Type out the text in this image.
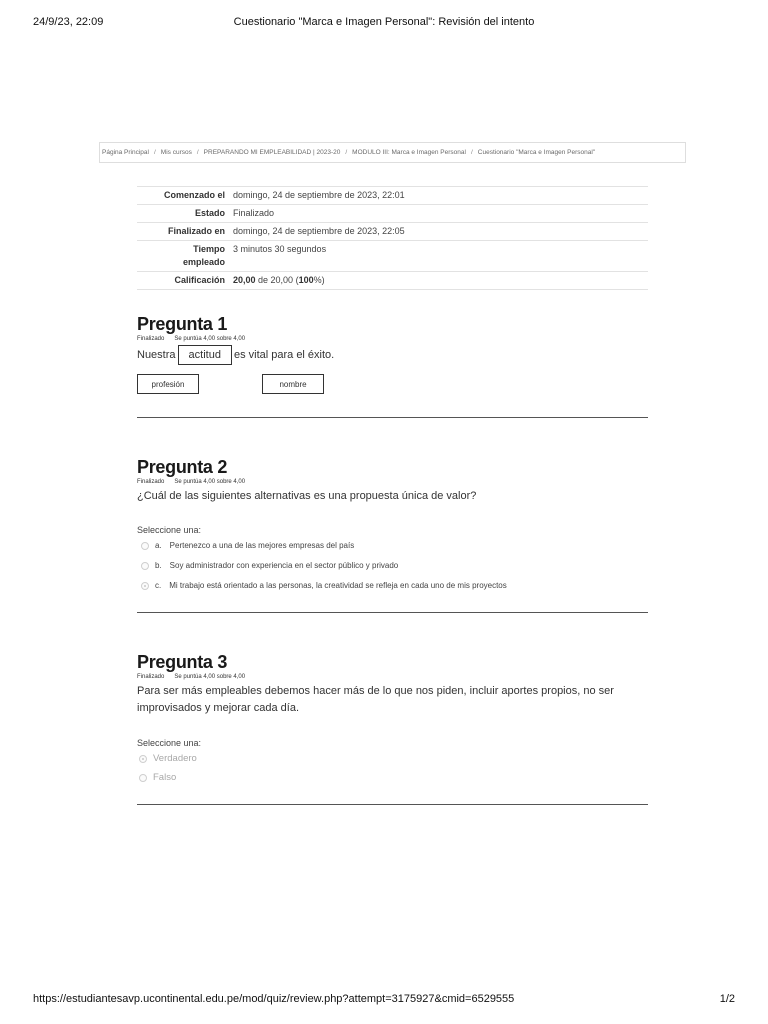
24/9/23, 22:09	Cuestionario "Marca e Imagen Personal": Revisión del intento
Página Principal / Mis cursos / PREPARANDO MI EMPLEABILIDAD | 2023-20 / MODULO III: Marca e Imagen Personal / Cuestionario "Marca e Imagen Personal"
Comenzado el	domingo, 24 de septiembre de 2023, 22:01
Estado	Finalizado
Finalizado en	domingo, 24 de septiembre de 2023, 22:05
Tiempo
empleado	3 minutos 30 segundos
Calificación	20,00 de 20,00 (100%)
Pregunta 1
Finalizado Se puntúa 4,00 sobre 4,00
Nuestra actitud es vital para el éxito.
profesión	nombre
Pregunta 2
Finalizado Se puntúa 4,00 sobre 4,00
¿Cuál de las siguientes alternativas es una propuesta única de valor?
Seleccione una:
a. Pertenezco a una de las mejores empresas del país
b. Soy administrador con experiencia en el sector público y privado
c. Mi trabajo está orientado a las personas, la creatividad se refleja en cada uno de mis proyectos
Pregunta 3
Finalizado Se puntúa 4,00 sobre 4,00
Para ser más empleables debemos hacer más de lo que nos piden, incluir aportes propios, no ser
improvisados y mejorar cada día.
Seleccione una:
Verdadero
Falso
https://estudiantesavp.ucontinental.edu.pe/mod/quiz/review.php?attempt=3175927&cmid=6529555	1/2
